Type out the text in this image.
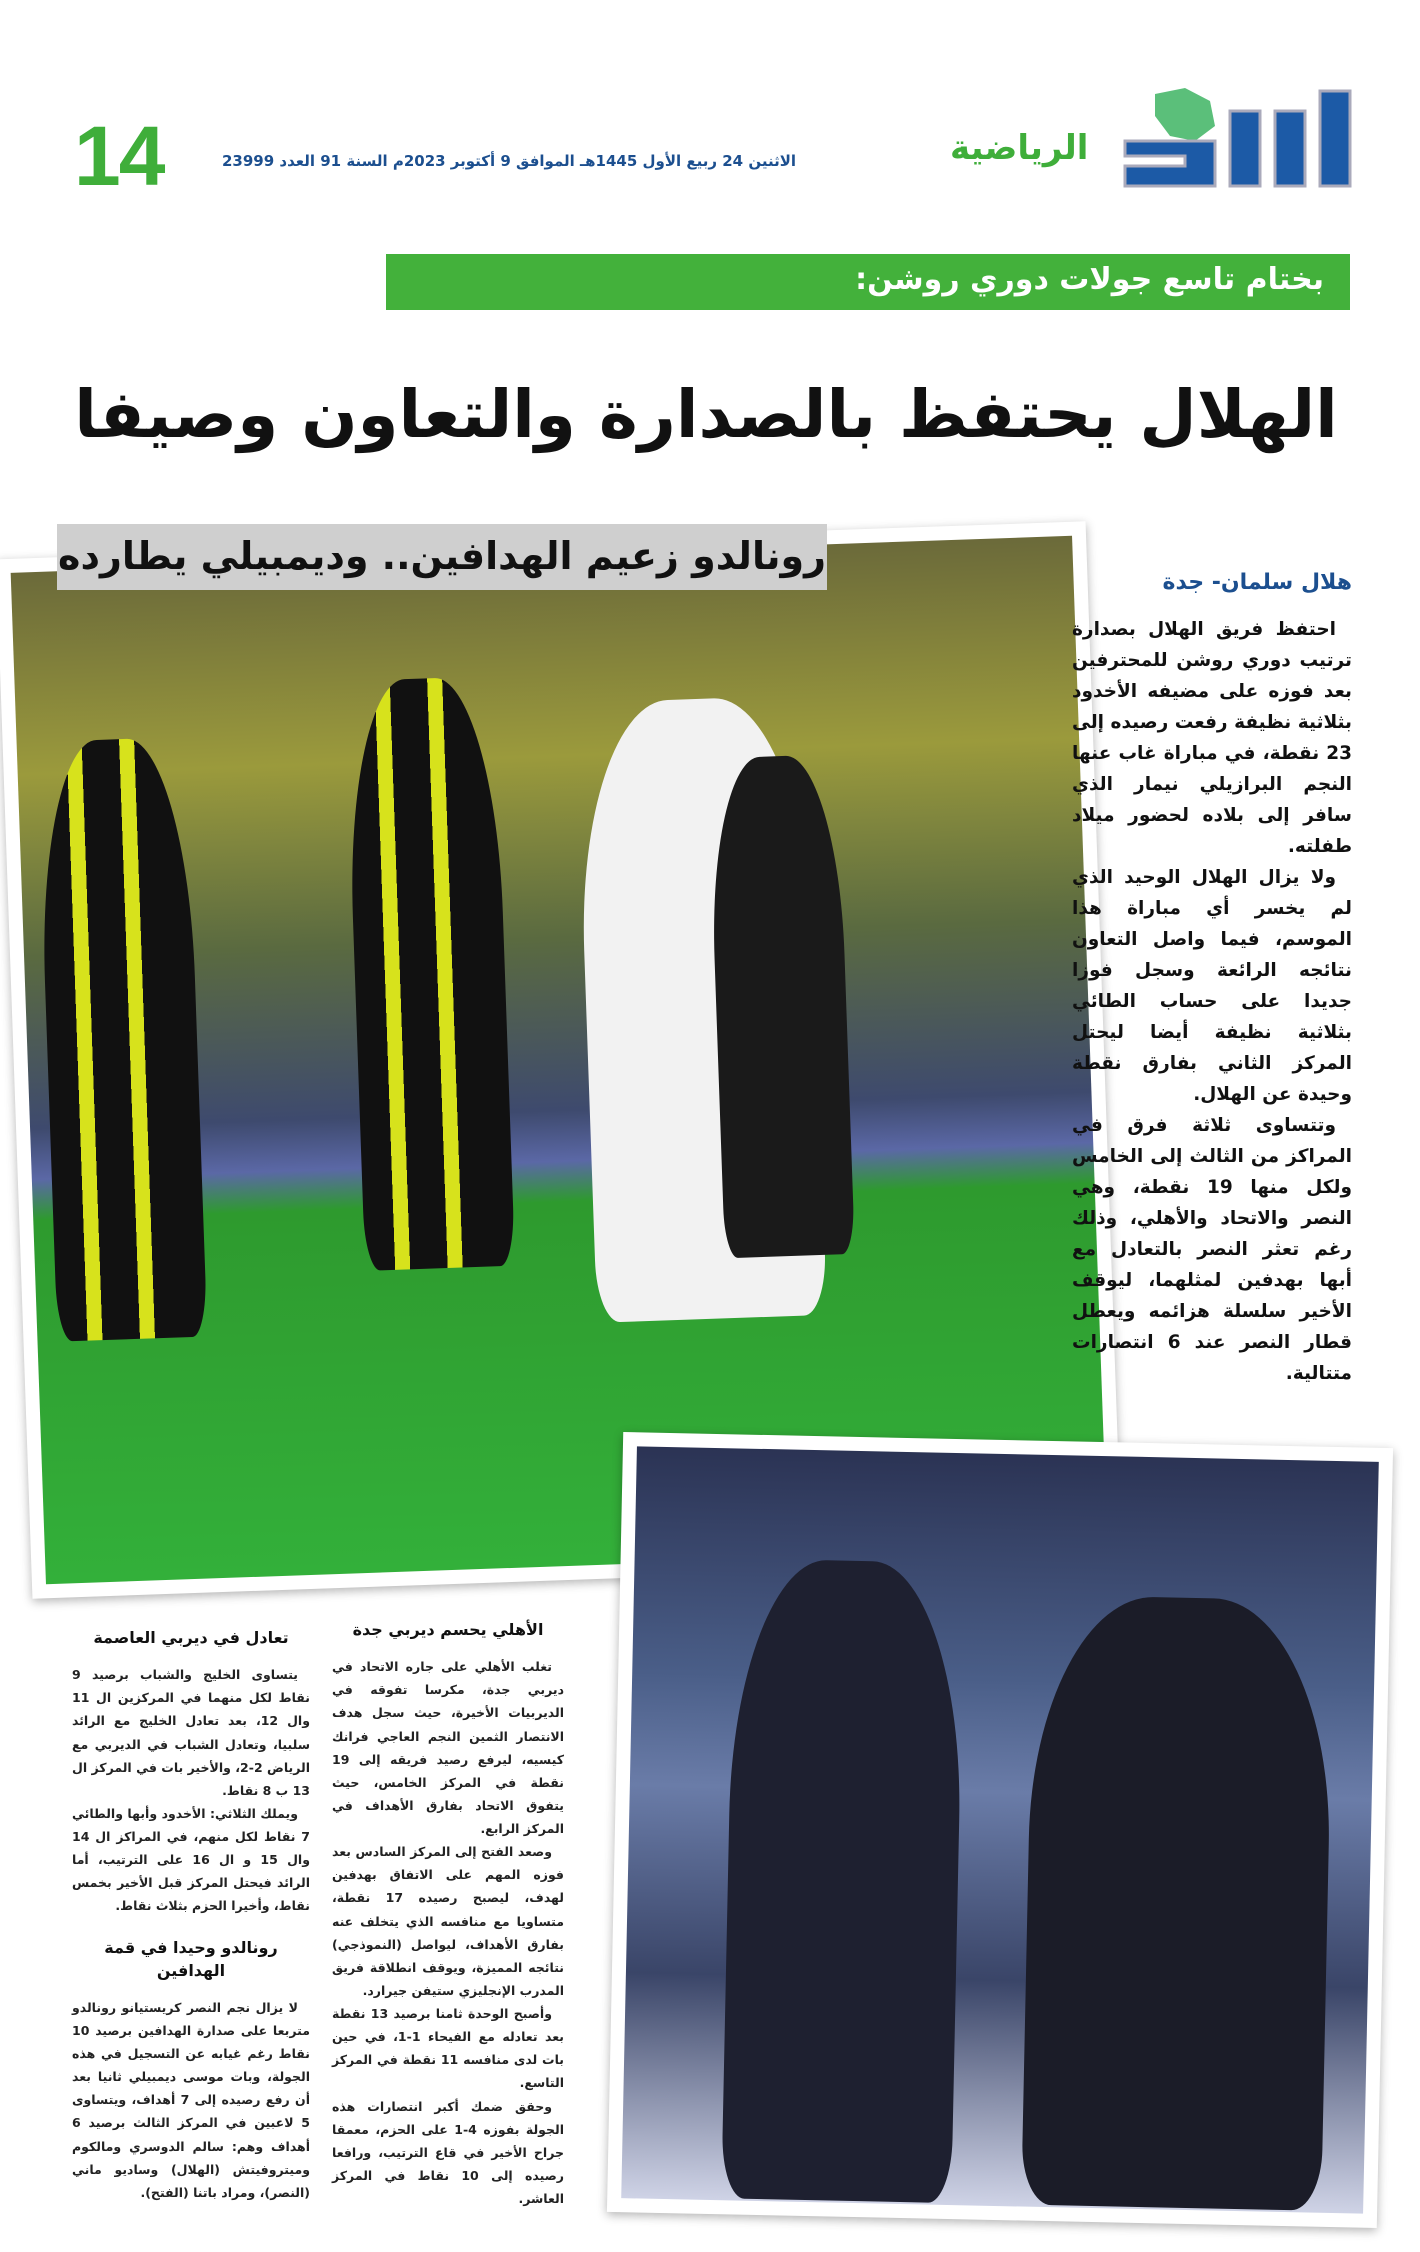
14	الاثنين 24 ربيع الأول 1445هـ الموافق 9 أكتوبر 2023م السنة 91 العدد 23999	الرياضية
بختام تاسع جولات دوري روشن:
الهلال يحتفظ بالصدارة والتعاون وصيفا
رونالدو زعيم الهدافين.. وديمبيلي يطارده
هلال سلمان- جدة

احتفظ فريق الهلال بصدارة ترتيب دوري روشن للمحترفين بعد فوزه على مضيفه الأخدود بثلاثية نظيفة رفعت رصيده إلى 23 نقطة، في مباراة غاب عنها النجم البرازيلي نيمار الذي سافر إلى بلاده لحضور ميلاد طفلته.

ولا يزال الهلال الوحيد الذي لم يخسر أي مباراة هذا الموسم، فيما واصل التعاون نتائجه الرائعة وسجل فوزا جديدا على حساب الطائي بثلاثية نظيفة أيضا ليحتل المركز الثاني بفارق نقطة وحيدة عن الهلال.

وتتساوى ثلاثة فرق في المراكز من الثالث إلى الخامس ولكل منها 19 نقطة، وهي النصر والاتحاد والأهلي، وذلك رغم تعثر النصر بالتعادل مع أبها بهدفين لمثلهما، ليوقف الأخير سلسلة هزائمه ويعطل قطار النصر عند 6 انتصارات متتالية.

الأهلي يحسم ديربي جدة

تغلب الأهلي على جاره الاتحاد في ديربي جدة، مكرسا تفوقه في الديربيات الأخيرة، حيث سجل هدف الانتصار الثمين النجم العاجي فرانك كيسيه، ليرفع رصيد فريقه إلى 19 نقطة في المركز الخامس، حيث يتفوق الاتحاد بفارق الأهداف في المركز الرابع.

وصعد الفتح إلى المركز السادس بعد فوزه المهم على الاتفاق بهدفين لهدف، ليصبح رصيده 17 نقطة، متساويا مع منافسه الذي يتخلف عنه بفارق الأهداف، ليواصل (النموذجي) نتائجه المميزة، ويوقف انطلاقة فريق المدرب الإنجليزي ستيفن جيرارد.

وأصبح الوحدة ثامنا برصيد 13 نقطة بعد تعادله مع الفيحاء 1-1، في حين بات لدى منافسه 11 نقطة في المركز التاسع.

وحقق ضمك أكبر انتصارات هذه الجولة بفوزه 4-1 على الحزم، معمقا جراح الأخير في قاع الترتيب، ورافعا رصيده إلى 10 نقاط في المركز العاشر.

تعادل في ديربي العاصمة

يتساوى الخليج والشباب برصيد 9 نقاط لكل منهما في المركزين ال 11 وال 12، بعد تعادل الخليج مع الرائد سلبيا، وتعادل الشباب في الديربي مع الرياض 2-2، والأخير بات في المركز ال 13 ب 8 نقاط.

ويملك الثلاثي: الأخدود وأبها والطائي 7 نقاط لكل منهم، في المراكز ال 14 وال 15 و ال 16 على الترتيب، أما الرائد فيحتل المركز قبل الأخير بخمس نقاط، وأخيرا الحزم بثلاث نقاط.

رونالدو وحيدا في قمة الهدافين

لا يزال نجم النصر كريستيانو رونالدو متربعا على صدارة الهدافين برصيد 10 نقاط رغم غيابه عن التسجيل في هذه الجولة، وبات موسى ديمبيلي ثانيا بعد أن رفع رصيده إلى 7 أهداف، ويتساوى 5 لاعبين في المركز الثالث برصيد 6 أهداف وهم: سالم الدوسري ومالكوم وميتروفيتش (الهلال) وساديو ماني (النصر)، ومراد باتنا (الفتح).
